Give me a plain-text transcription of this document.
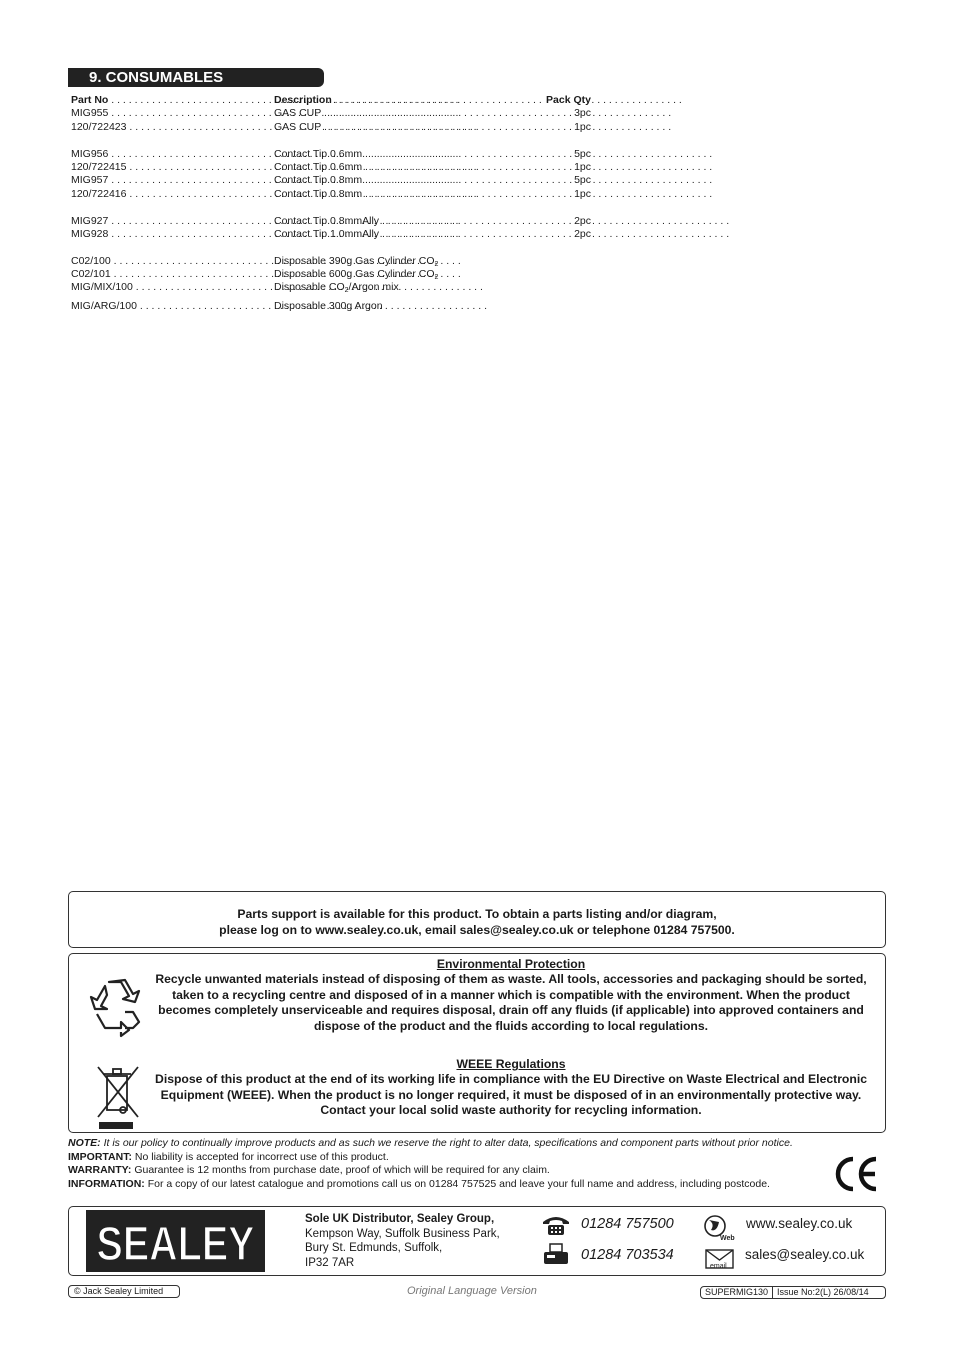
9. CONSUMABLES
Part No . . .	Description . . .	Pack Qty
MIG955 . . .	GAS CUP . . .	3pc
120/722423 . . .	GAS CUP . . .	1pc
MIG956 . . .	Contact Tip 0.6mm . . .	5pc
120/722415 . . .	Contact Tip 0.6mm . . .	1pc
MIG957 . . .	Contact Tip 0.8mm . . .	5pc
120/722416 . . .	Contact Tip 0.8mm . . .	1pc
MIG927 . . .	Contact Tip 0.8mmAlly . . .	2pc
MIG928 . . .	Contact Tip 1.0mmAlly . . .	2pc
C02/100 . . .	Disposable 390g Gas Cylinder $CO_2$
C02/101 . . .	Disposable 600g Gas Cylinder $CO_2$
MIG/MIX/100 . . .	Disposable $CO_2$/Argon mix
MIG/ARG/100 . . .	Disposable 300g Argon
Parts support is available for this product. To obtain a parts listing and/or diagram,
please log on to www.sealey.co.uk, email sales@sealey.co.uk or telephone 01284 757500.
Environmental Protection
Recycle unwanted materials instead of disposing of them as waste. All tools, accessories and packaging should be sorted, taken to a recycling centre and disposed of in a manner which is compatible with the environment. When the product becomes completely unserviceable and requires disposal, drain off any fluids (if applicable) into approved containers and dispose of the product and the fluids according to local regulations.
WEEE Regulations
Dispose of this product at the end of its working life in compliance with the EU Directive on Waste Electrical and Electronic Equipment (WEEE). When the product is no longer required, it must be disposed of in an environmentally protective way. Contact your local solid waste authority for recycling information.
NOTE: It is our policy to continually improve products and as such we reserve the right to alter data, specifications and component parts without prior notice.
IMPORTANT: No liability is accepted for incorrect use of this product.
WARRANTY: Guarantee is 12 months from purchase date, proof of which will be required for any claim.
INFORMATION: For a copy of our latest catalogue and promotions call us on 01284 757525 and leave your full name and address, including postcode.
SEALEY	Sole UK Distributor, Sealey Group,
Kempson Way, Suffolk Business Park,
Bury St. Edmunds, Suffolk,
IP32 7AR
01284 757500
01284 703534
Web
www.sealey.co.uk
email
sales@sealey.co.uk
© Jack Sealey Limited	Original Language Version	SUPERMIG130	Issue No:2(L) 26/08/14
